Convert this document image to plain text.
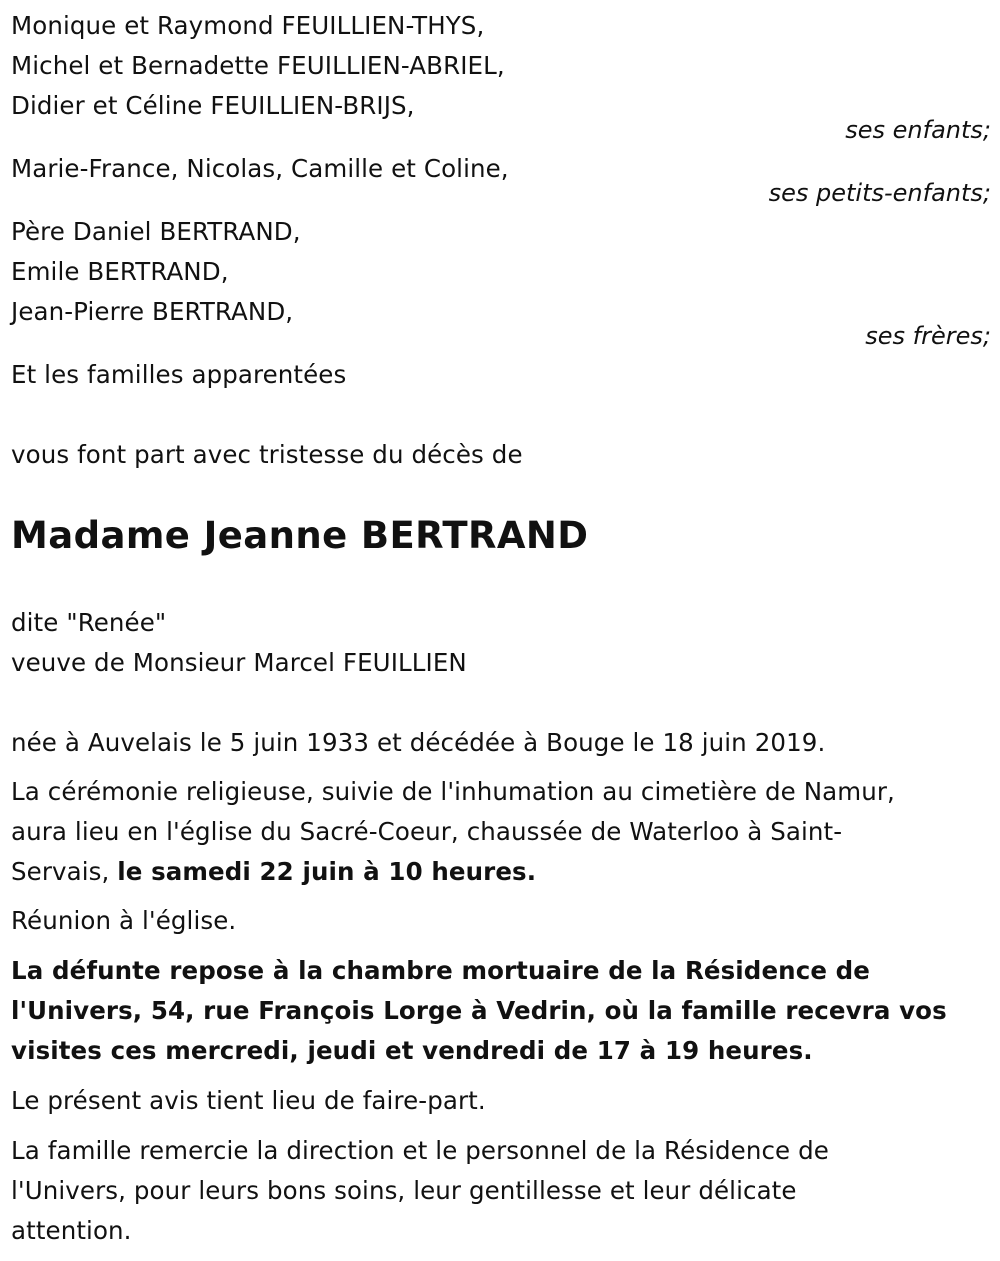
Monique et Raymond FEUILLIEN-THYS,
Michel et Bernadette FEUILLIEN-ABRIEL,
Didier et Céline FEUILLIEN-BRIJS,
ses enfants;
Marie-France, Nicolas, Camille et Coline,
ses petits-enfants;
Père Daniel BERTRAND,
Emile BERTRAND,
Jean-Pierre BERTRAND,
ses frères;
Et les familles apparentées
vous font part avec tristesse du décès de
Madame Jeanne BERTRAND
dite "Renée"
veuve de Monsieur Marcel FEUILLIEN
née à Auvelais le 5 juin 1933 et décédée à Bouge le 18 juin 2019.
La cérémonie religieuse, suivie de l'inhumation au cimetière de Namur,
aura lieu en l'église du Sacré-Coeur, chaussée de Waterloo à Saint-
Servais, le samedi 22 juin à 10 heures.
Réunion à l'église.
La défunte repose à la chambre mortuaire de la Résidence de
l'Univers, 54, rue François Lorge à Vedrin, où la famille recevra vos
visites ces mercredi, jeudi et vendredi de 17 à 19 heures.
Le présent avis tient lieu de faire-part.
La famille remercie la direction et le personnel de la Résidence de
l'Univers, pour leurs bons soins, leur gentillesse et leur délicate
attention.
